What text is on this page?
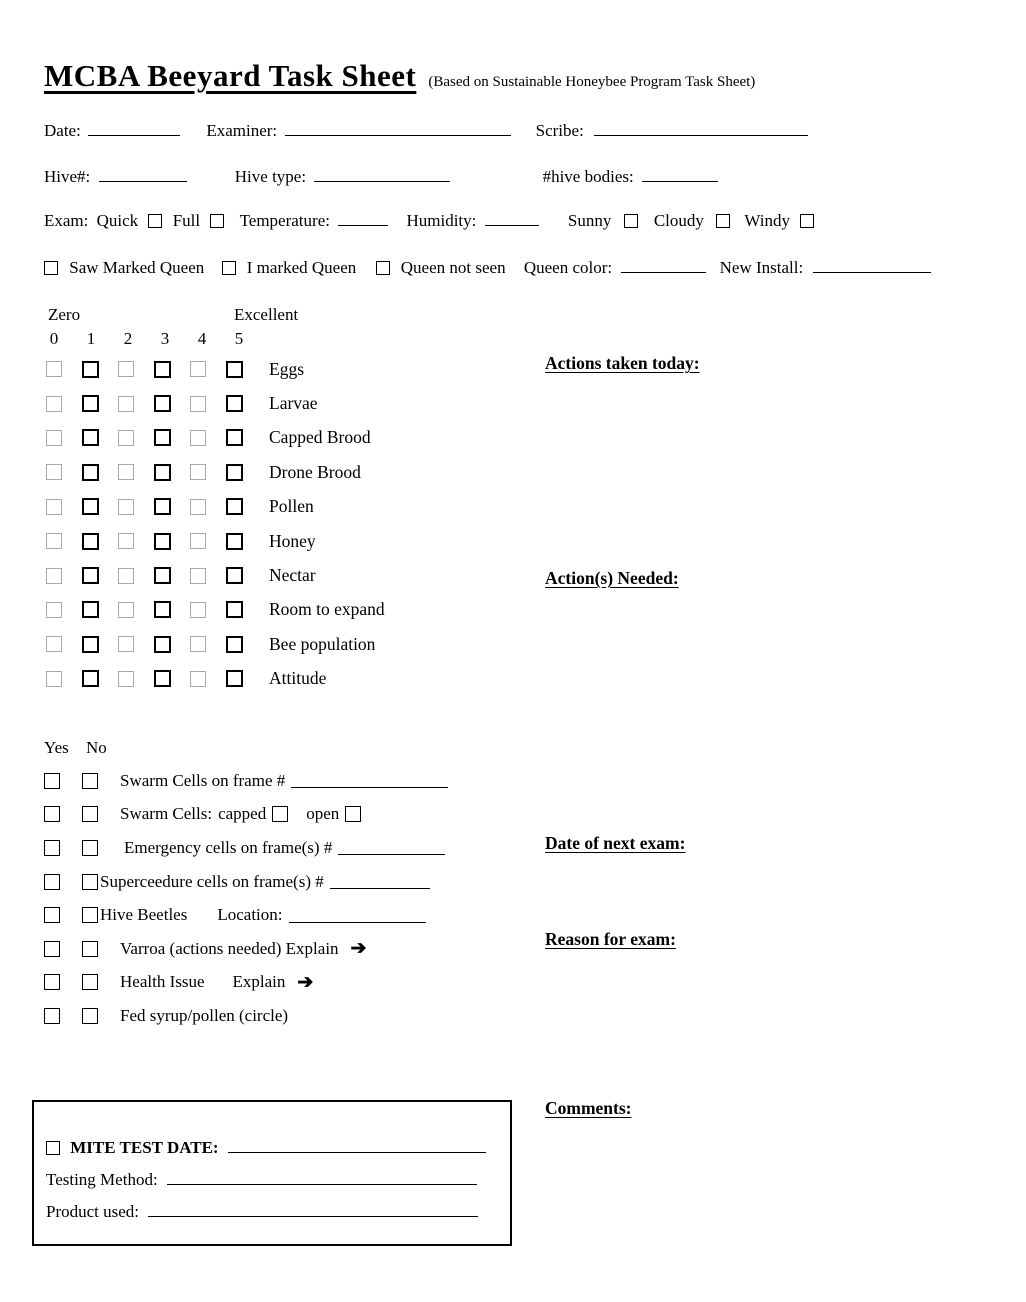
MCBA Beeyard Task Sheet (Based on Sustainable Honeybee Program Task Sheet)
Date:	Examiner:	Scribe:
Hive#:	Hive type:	#hive bodies:
Exam: Quick Full Temperature:	Humidity:	Sunny	Cloudy Windy
Saw Marked Queen	I marked Queen	Queen not seen Queen color:	New Install:
Zero	Excellent
0 1 2 3 4 5
Eggs
Larvae
Capped Brood
Drone Brood
Pollen
Honey
Nectar
Room to expand
Bee population
Attitude
Actions taken today:
Action(s) Needed:
Date of next exam:
Reason for exam:
Comments:
Yes No
Swarm Cells on frame #
Swarm Cells: capped open
Emergency cells on frame(s) #
Superceedure cells on frame(s) #
Hive Beetles Location:
Varroa (actions needed) Explain ➔
Health Issue Explain ➔
Fed syrup/pollen (circle)
MITE TEST DATE:
Testing Method:
Product used:
